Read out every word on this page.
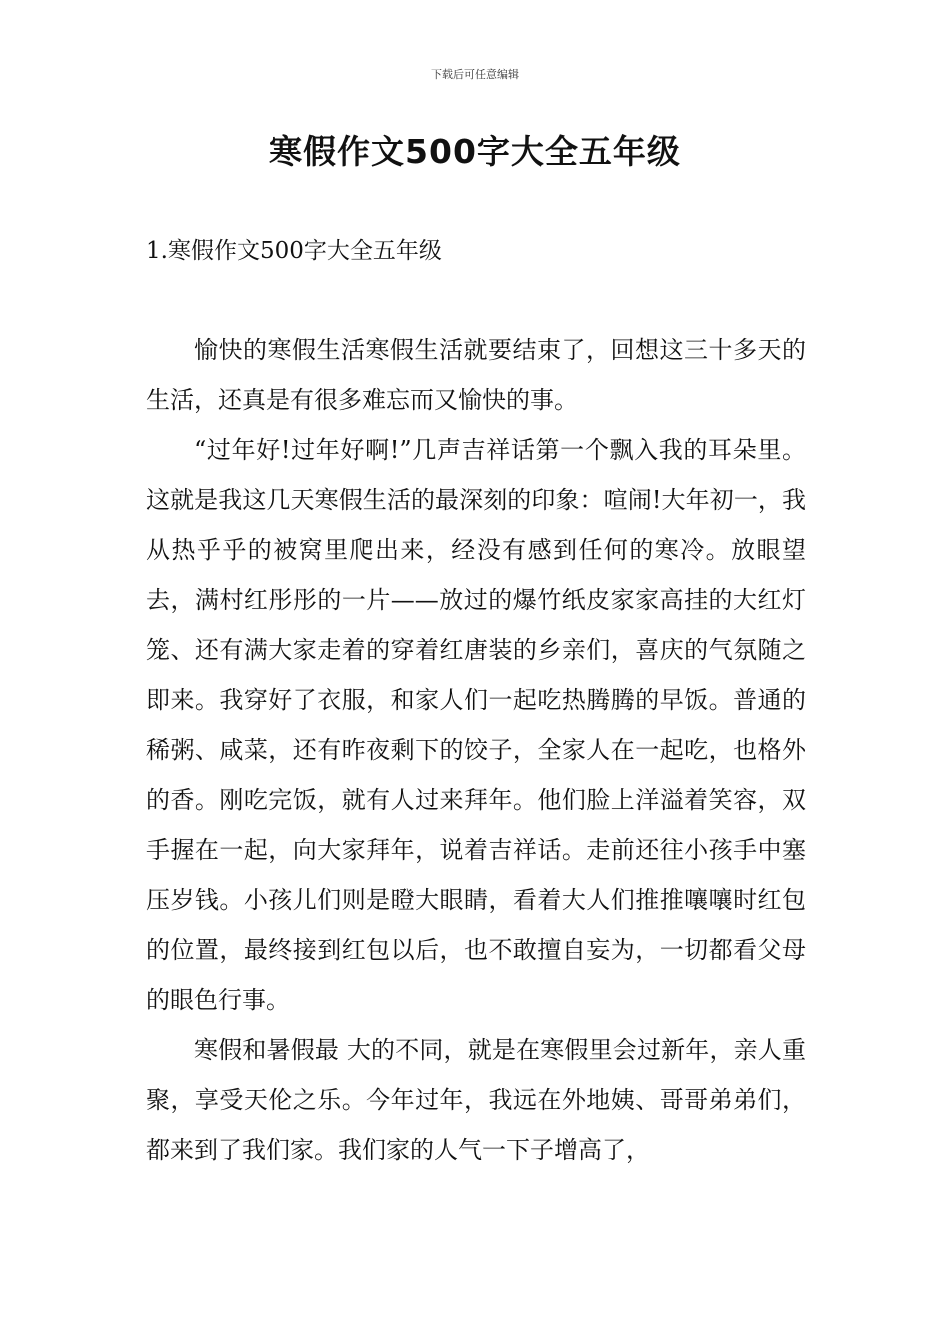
下载后可任意编辑
寒假作文500字大全五年级
1.寒假作文500字大全五年级

愉快的寒假生活寒假生活就要结束了，回想这三十多天的生活，还真是有很多难忘而又愉快的事。

“过年好!过年好啊!”几声吉祥话第一个飘入我的耳朵里。这就是我这几天寒假生活的最深刻的印象：喧闹!大年初一，我从热乎乎的被窝里爬出来，经没有感到任何的寒冷。放眼望去，满村红彤彤的一片——放过的爆竹纸皮家家高挂的大红灯笼、还有满大家走着的穿着红唐装的乡亲们，喜庆的气氛随之即来。我穿好了衣服，和家人们一起吃热腾腾的早饭。普通的稀粥、咸菜，还有昨夜剩下的饺子，全家人在一起吃，也格外的香。刚吃完饭，就有人过来拜年。他们脸上洋溢着笑容，双手握在一起，向大家拜年，说着吉祥话。走前还往小孩手中塞压岁钱。小孩儿们则是瞪大眼睛，看着大人们推推嚷嚷时红包的位置，最终接到红包以后，也不敢擅自妄为，一切都看父母的眼色行事。

寒假和暑假最 大的不同，就是在寒假里会过新年，亲人重聚，享受天伦之乐。今年过年，我远在外地姨、哥哥弟弟们，都来到了我们家。我们家的人气一下子增高了，
